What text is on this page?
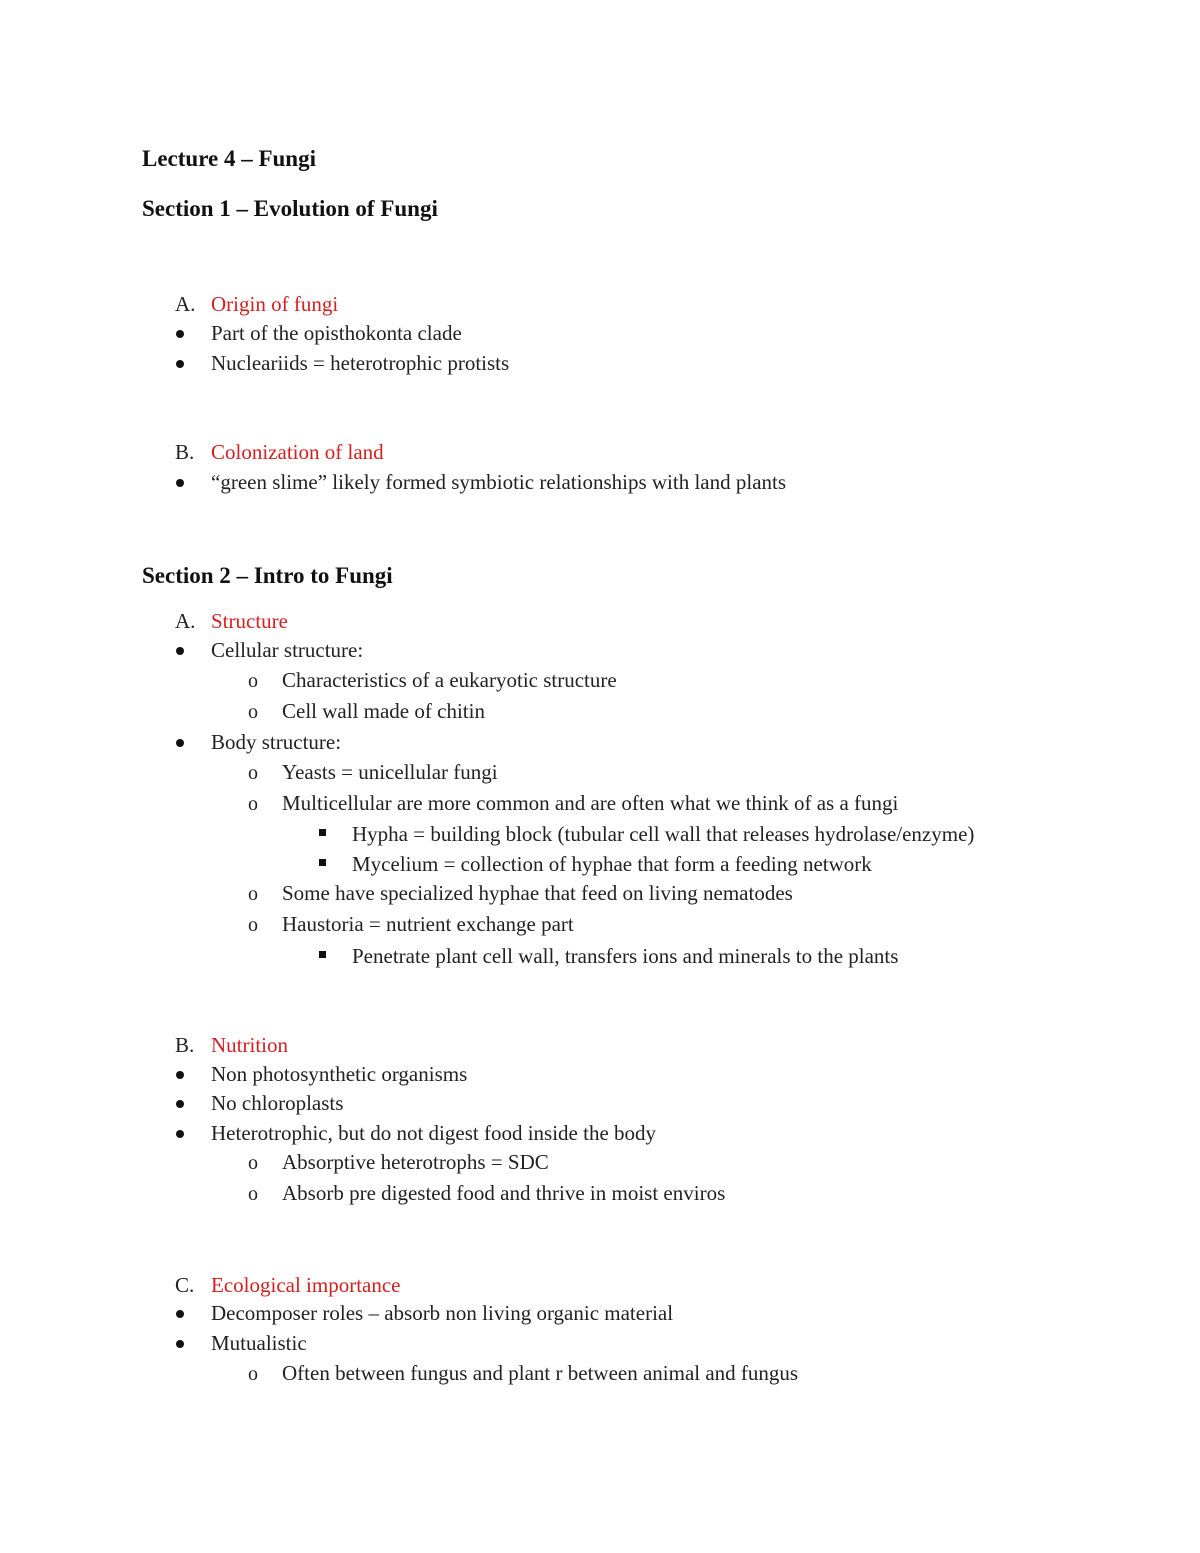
Lecture 4 – Fungi
Section 1 – Evolution of Fungi
A. Origin of fungi
Part of the opisthokonta clade
Nucleariids = heterotrophic protists
B. Colonization of land
“green slime” likely formed symbiotic relationships with land plants
Section 2 – Intro to Fungi
A. Structure
Cellular structure:
o Characteristics of a eukaryotic structure
o Cell wall made of chitin
Body structure:
o Yeasts = unicellular fungi
o Multicellular are more common and are often what we think of as a fungi
Hypha = building block (tubular cell wall that releases hydrolase/enzyme)
Mycelium = collection of hyphae that form a feeding network
o Some have specialized hyphae that feed on living nematodes
o Haustoria = nutrient exchange part
Penetrate plant cell wall, transfers ions and minerals to the plants
B. Nutrition
Non photosynthetic organisms
No chloroplasts
Heterotrophic, but do not digest food inside the body
o Absorptive heterotrophs = SDC
o Absorb pre digested food and thrive in moist enviros
C. Ecological importance
Decomposer roles – absorb non living organic material
Mutualistic
o Often between fungus and plant r between animal and fungus
